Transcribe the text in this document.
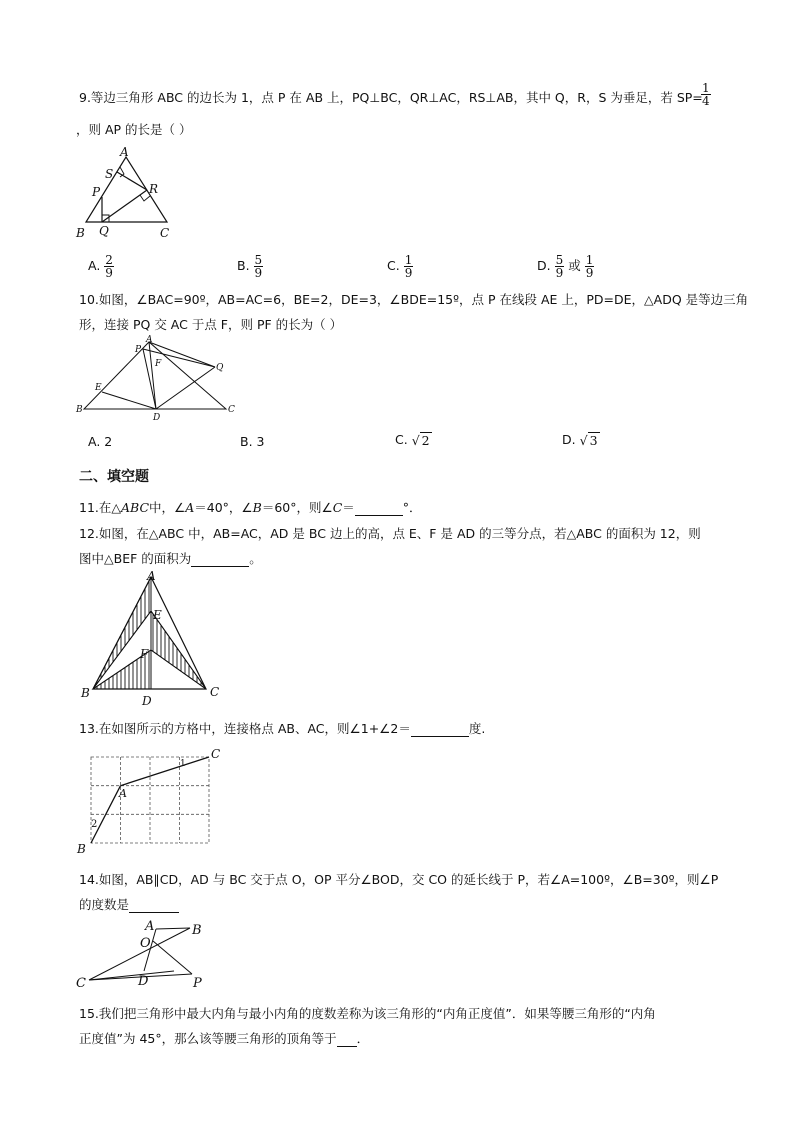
9.等边三角形 ABC 的边长为 1，点 P 在 AB 上，PQ⊥BC，QR⊥AC，RS⊥AB，其中 Q，R，S 为垂足，若 SP=
$\frac{1}{4}$
，则 AP 的长是（ ）
A
S
P	R
B Q	C
A. $\frac{2}{9}$	B. $\frac{5}{9}$	C. $\frac{1}{9}$	D. $\frac{5}{9}$ 或 $\frac{1}{9}$
10.如图，∠BAC=90º，AB=AC=6，BE=2，DE=3，∠BDE=15º，点 P 在线段 AE 上，PD=DE，△ADQ 是等边三角
形，连接 PQ 交 AC 于点 F，则 PF 的长为（ ）
A
P
F	Q
E
B
D
C
A. 2	B. 3	C. √ 2	D. √ 3
二、填空题
11.在△ABC中，∠A＝40°，∠B＝60°，则∠C＝	°．
12.如图，在△ABC 中，AB=AC，AD 是 BC 边上的高，点 E、F 是 AD 的三等分点，若△ABC 的面积为 12，则
图中△BEF 的面积为	。
A
E
F
B	C
D
13.在如图所示的方格中，连接格点 AB、AC，则∠1+∠2＝	度.
C
A
B
1
2
14.如图，AB∥CD，AD 与 BC 交于点 O，OP 平分∠BOD，交 CO 的延长线于 P，若∠A=100º，∠B=30º，则∠P
的度数是
A	B
O
C	D	P
15.我们把三角形中最大内角与最小内角的度数差称为该三角形的“内角正度值”．如果等腰三角形的“内角
正度值”为 45°，那么该等腰三角形的顶角等于 ．
